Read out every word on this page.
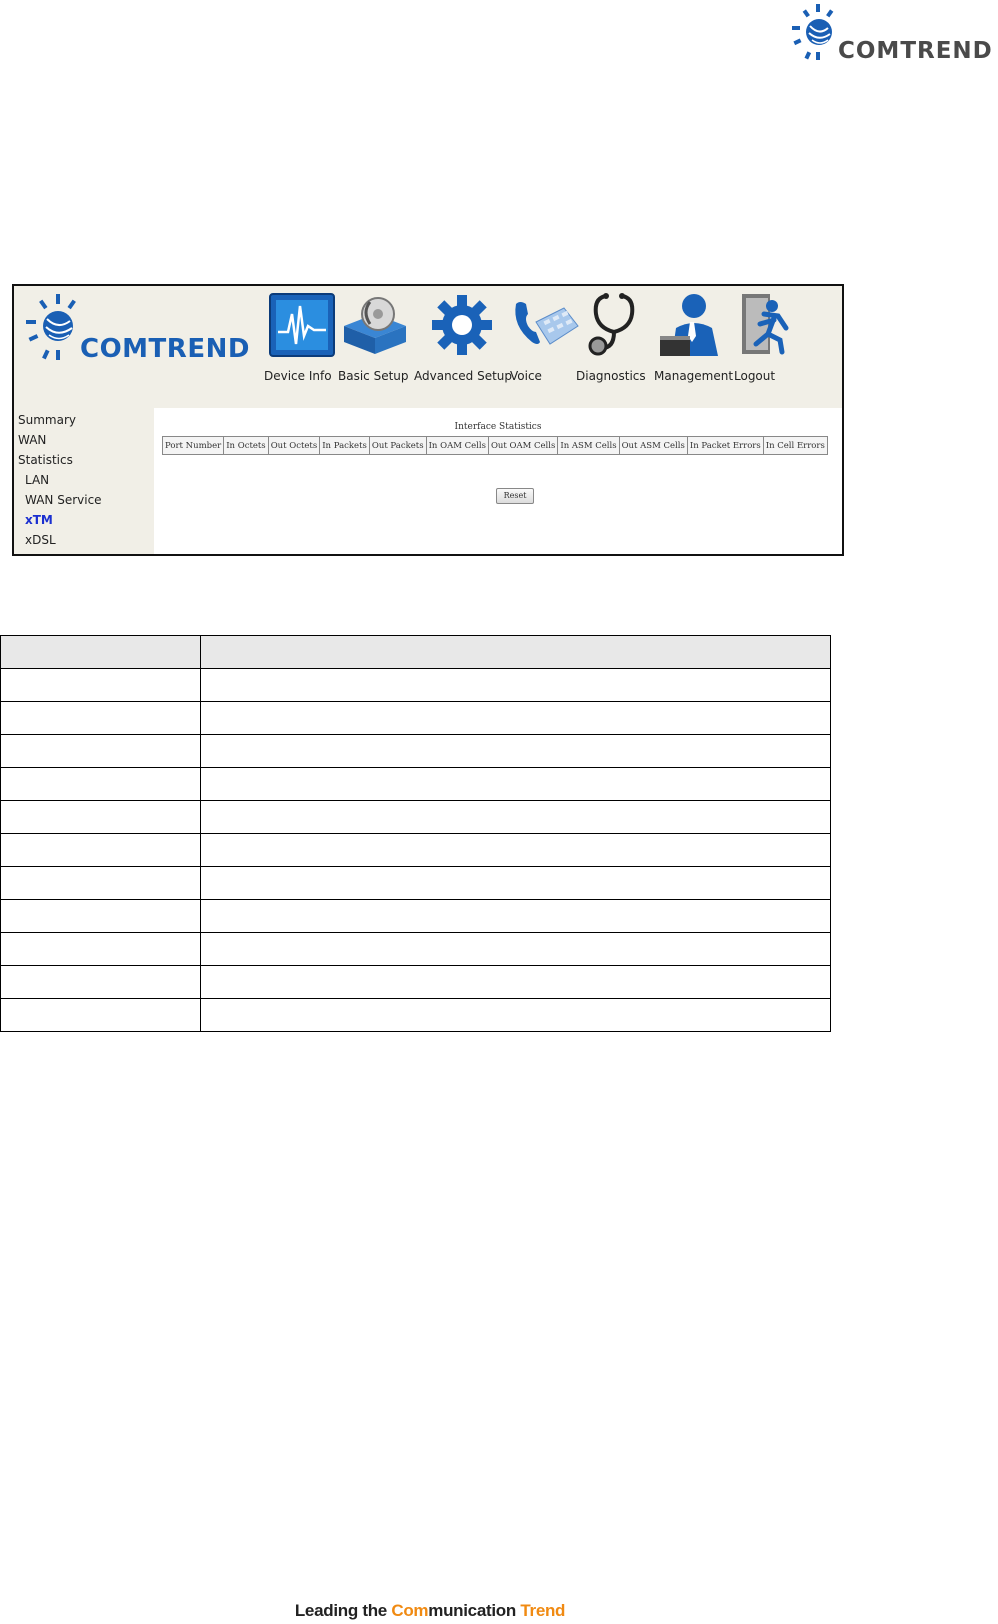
COMTREND
COMTREND
Device Info Basic Setup Advanced Setup
Voice	Diagnostics Management Logout
Summary
WAN
Statistics
LAN
WAN Service
xTM
xDSL
Interface Statistics
Port Number	In Octets	Out Octets	In Packets	Out Packets	In OAM Cells	Out OAM Cells	In ASM Cells	Out ASM Cells	In Packet Errors	In Cell Errors
Reset

Leading the Communication Trend
